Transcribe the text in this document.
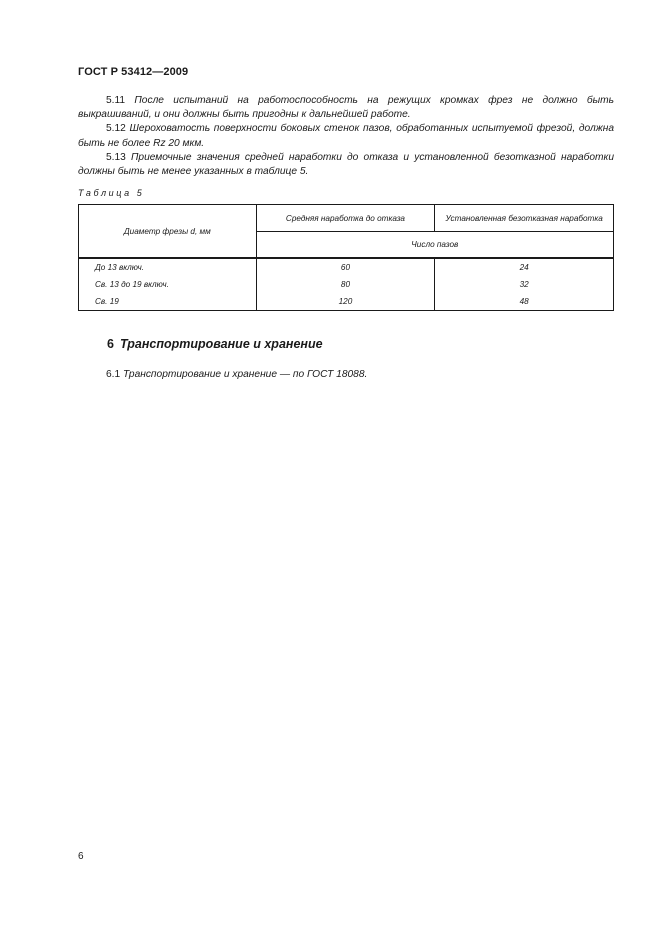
ГОСТ Р 53412—2009

5.11 После испытаний на работоспособность на режущих кромках фрез не должно быть выкрашиваний, и они должны быть пригодны к дальнейшей работе.

5.12 Шероховатость поверхности боковых стенок пазов, обработанных испытуемой фрезой, должна быть не более Rz 20 мкм.

5.13 Приемочные значения средней наработки до отказа и установленной безотказной наработки должны быть не менее указанных в таблице 5.

Таблица 5
Диаметр фрезы d, мм	Средняя наработка до отказа	Установленная безотказная наработка
	Число пазов	
До 13 включ.	60	24
Св. 13 до 19 включ.	80	32
Св. 19	120	48
6 Транспортирование и хранение
6.1 Транспортирование и хранение — по ГОСТ 18088.
6
